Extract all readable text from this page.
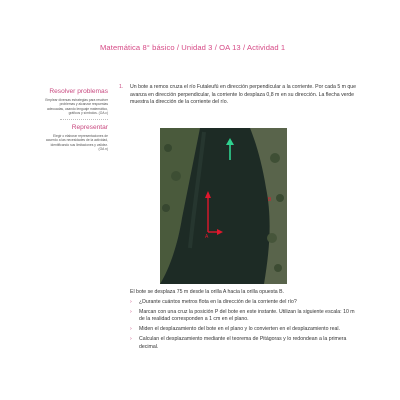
Matemática 8° básico / Unidad 3 / OA 13 / Actividad 1
Resolver problemas
Emplear diversas estrategias para resolver problemas y alcanzar respuestas adecuadas, usando lenguaje matemático, gráficos y símbolos. (OA c)
Representar
Elegir o elaborar representaciones de acuerdo a las necesidades de la actividad, identificando sus limitaciones y validez. (OA n)
1. Un bote a remos cruza el río Futaleufú en dirección perpendicular a la corriente. Por cada 5 m que avanza en dirección perpendicular, la corriente lo desplaza 0,8 m en su dirección. La flecha verde muestra la dirección de la corriente del río.
A
B
El bote se desplaza 75 m desde la orilla A hacia la orilla opuesta B.
› ¿Durante cuántos metros flota en la dirección de la corriente del río?
› Marcan con una cruz la posición P del bote en este instante. Utilizan la siguiente escala: 10 m de la realidad corresponden a 1 cm en el plano.
› Miden el desplazamiento del bote en el plano y lo convierten en el desplazamiento real.
› Calculan el desplazamiento mediante el teorema de Pitágoras y lo redondean a la primera decimal.
